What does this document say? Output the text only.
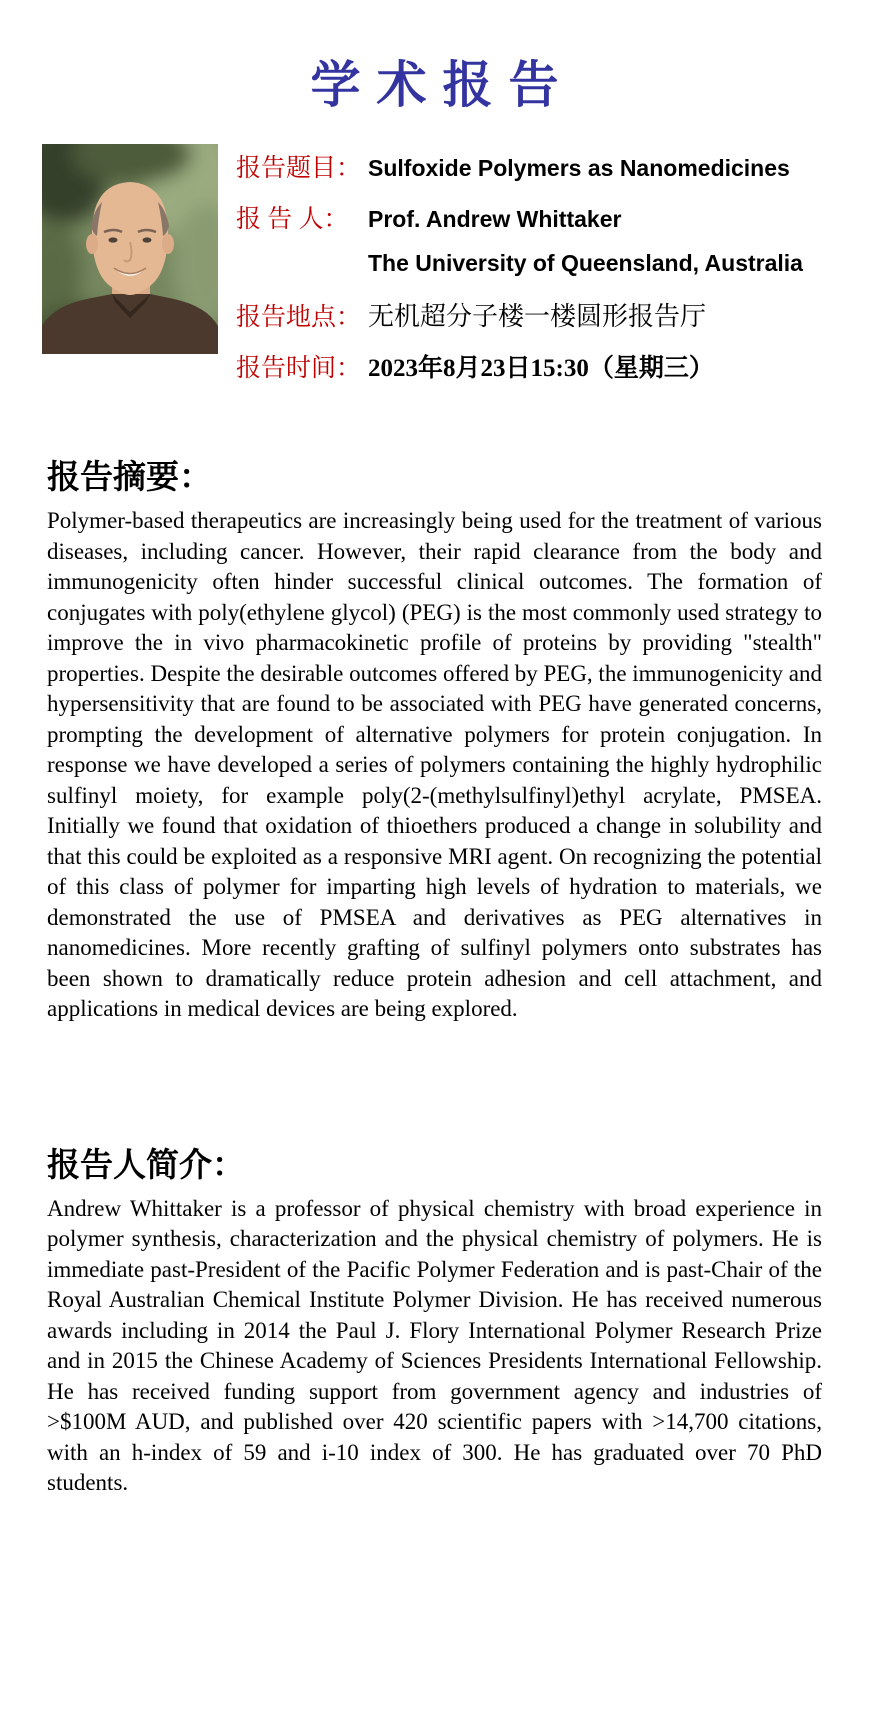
学术报告
报告题目： Sulfoxide Polymers as Nanomedicines
报 告 人： Prof. Andrew Whittaker
The University of Queensland, Australia
报告地点： 无机超分子楼一楼圆形报告厅
报告时间： 2023年8月23日15:30（星期三）
报告摘要：
Polymer-based therapeutics are increasingly being used for the treatment of various diseases, including cancer. However, their rapid clearance from the body and immunogenicity often hinder successful clinical outcomes. The formation of conjugates with poly(ethylene glycol) (PEG) is the most commonly used strategy to improve the in vivo pharmacokinetic profile of proteins by providing "stealth" properties. Despite the desirable outcomes offered by PEG, the immunogenicity and hypersensitivity that are found to be associated with PEG have generated concerns, prompting the development of alternative polymers for protein conjugation. In response we have developed a series of polymers containing the highly hydrophilic sulfinyl moiety, for example poly(2-(methylsulfinyl)ethyl acrylate, PMSEA. Initially we found that oxidation of thioethers produced a change in solubility and that this could be exploited as a responsive MRI agent. On recognizing the potential of this class of polymer for imparting high levels of hydration to materials, we demonstrated the use of PMSEA and derivatives as PEG alternatives in nanomedicines. More recently grafting of sulfinyl polymers onto substrates has been shown to dramatically reduce protein adhesion and cell attachment, and applications in medical devices are being explored.
报告人简介：
Andrew Whittaker is a professor of physical chemistry with broad experience in polymer synthesis, characterization and the physical chemistry of polymers. He is immediate past-President of the Pacific Polymer Federation and is past-Chair of the Royal Australian Chemical Institute Polymer Division. He has received numerous awards including in 2014 the Paul J. Flory International Polymer Research Prize and in 2015 the Chinese Academy of Sciences Presidents International Fellowship. He has received funding support from government agency and industries of >$100M AUD, and published over 420 scientific papers with >14,700 citations, with an h-index of 59 and i-10 index of 300. He has graduated over 70 PhD students.
